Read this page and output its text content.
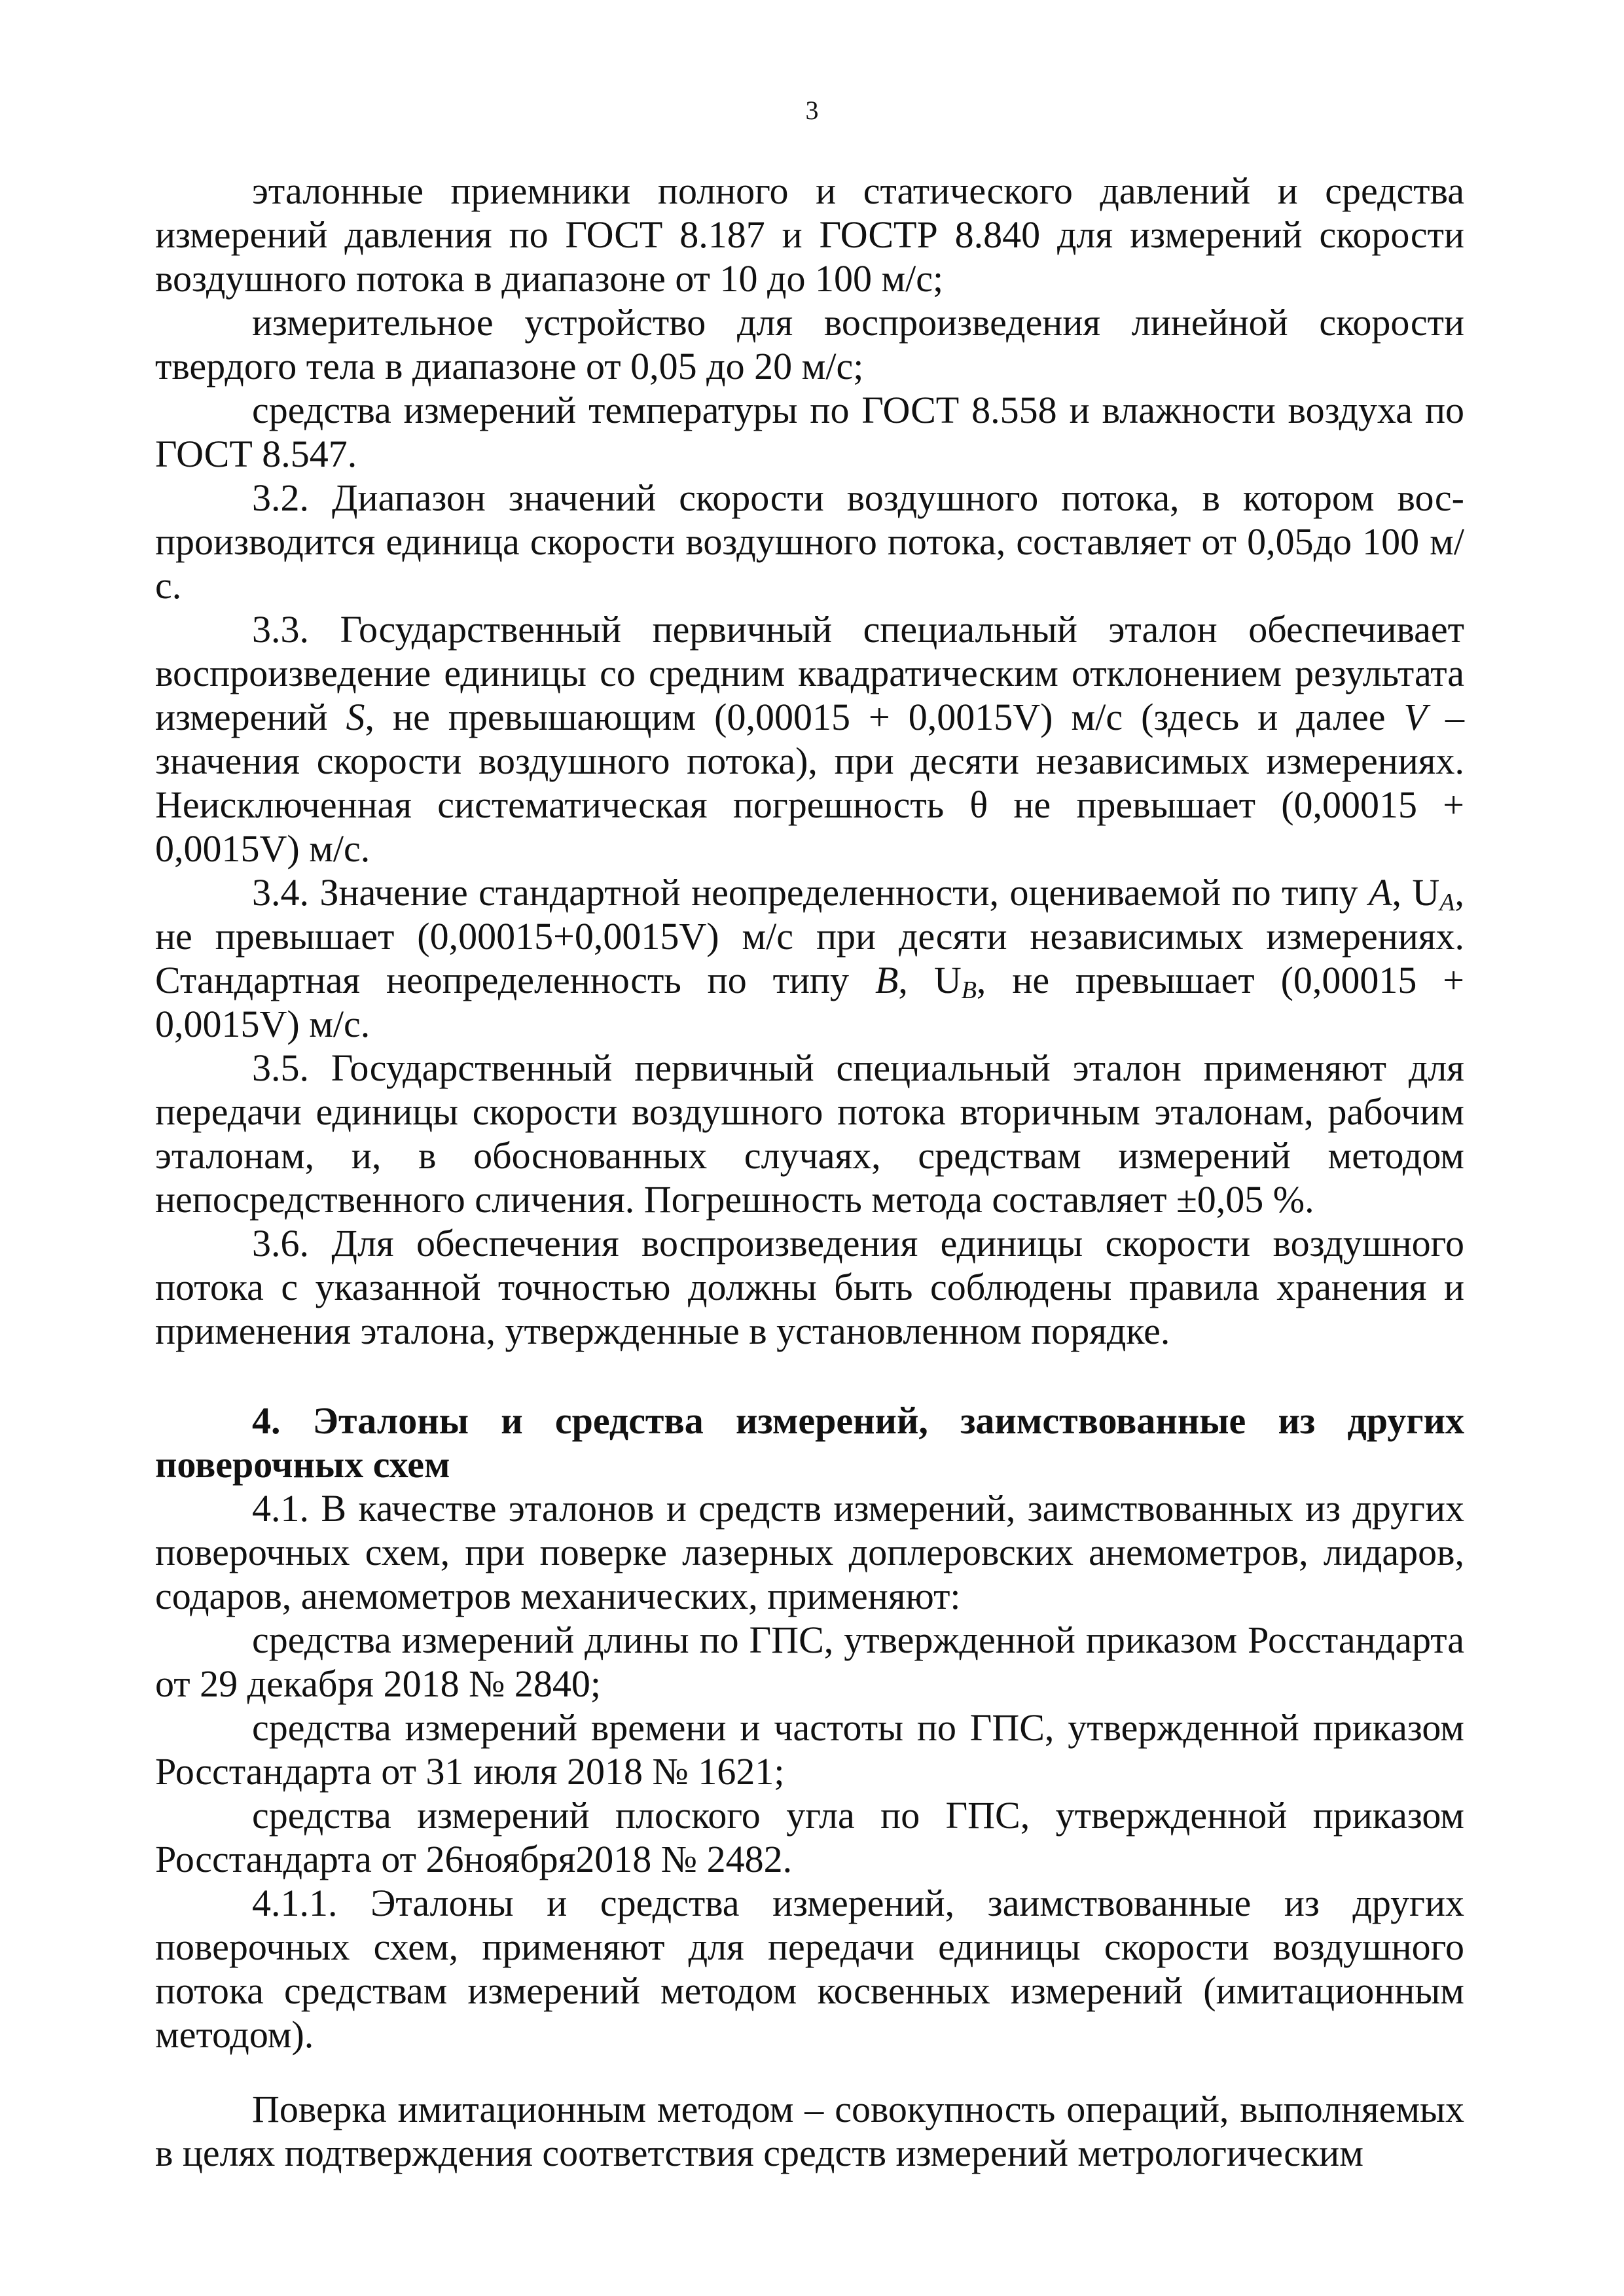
3

эталонные приемники полного и статического давлений и средства измерений давления по ГОСТ 8.187 и ГОСТР 8.840 для измерений скорости воздушного потока в диапазоне от 10 до 100 м/с;

измерительное устройство для воспроизведения линейной скорости твердого тела в диапазоне от 0,05 до 20 м/с;

средства измерений температуры по ГОСТ 8.558 и влажности воздуха по ГОСТ 8.547.

3.2. Диапазон значений скорости воздушного потока, в котором воспроизводится единица скорости воздушного потока, составляет от 0,05до 100 м/с.

3.3. Государственный первичный специальный эталон обеспечивает воспроизведение единицы со средним квадратическим отклонением результата измерений S, не превышающим (0,00015 + 0,0015V) м/с (здесь и далее V – значения скорости воздушного потока), при десяти независимых измерениях. Неисключенная систематическая погрешность θ не превышает (0,00015 + 0,0015V) м/с.

3.4. Значение стандартной неопределенности, оцениваемой по типу A, $U_A$, не превышает (0,00015+0,0015V) м/с при десяти независимых измерениях. Стандартная неопределенность по типу B, $U_B$, не превышает (0,00015 + 0,0015V) м/с.

3.5. Государственный первичный специальный эталон применяют для передачи единицы скорости воздушного потока вторичным эталонам, рабочим эталонам, и, в обоснованных случаях, средствам измерений методом непосредственного сличения. Погрешность метода составляет ±0,05 %.

3.6. Для обеспечения воспроизведения единицы скорости воздушного потока с указанной точностью должны быть соблюдены правила хранения и применения эталона, утвержденные в установленном порядке.

4. Эталоны и средства измерений, заимствованные из других поверочных схем

4.1. В качестве эталонов и средств измерений, заимствованных из других поверочных схем, при поверке лазерных доплеровских анемометров, лидаров, содаров, анемометров механических, применяют:

средства измерений длины по ГПС, утвержденной приказом Росстандарта от 29 декабря 2018 № 2840;

средства измерений времени и частоты по ГПС, утвержденной приказом Росстандарта от 31 июля 2018 № 1621;

средства измерений плоского угла по ГПС, утвержденной приказом Росстандарта от 26ноября2018 № 2482.

4.1.1. Эталоны и средства измерений, заимствованные из других поверочных схем, применяют для передачи единицы скорости воздушного потока средствам измерений методом косвенных измерений (имитационным методом).

Поверка имитационным методом – совокупность операций, выполняемых в целях подтверждения соответствия средств измерений метрологическим
